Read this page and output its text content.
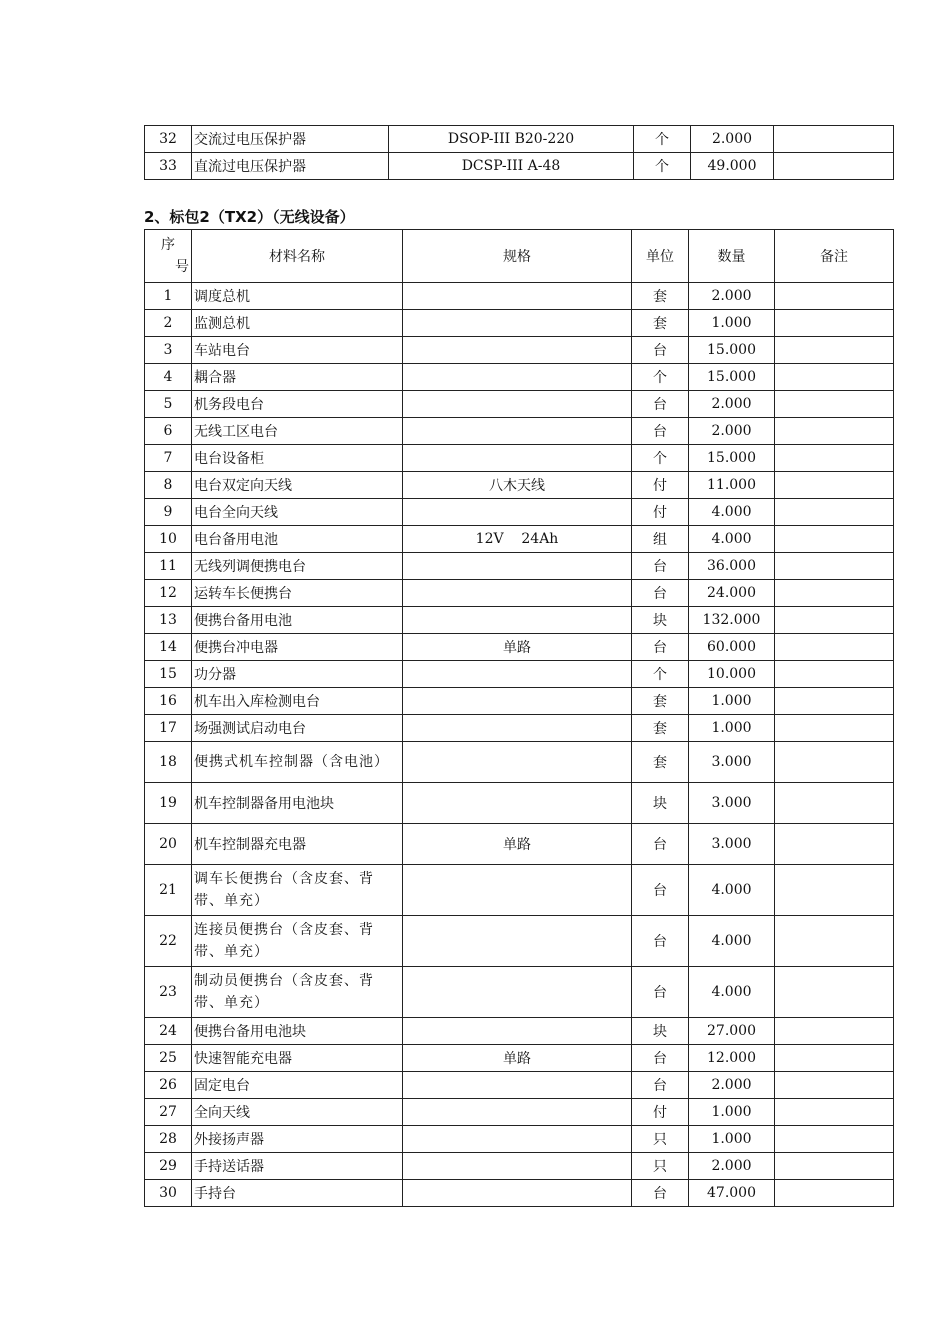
32	交流过电压保护器	DSOP-III B20-220	个	2.000	
33	直流过电压保护器	DCSP-III A-48	个	49.000	
2、标包2（TX2）（无线设备）
序
号	材料名称	规格	单位	数量	备注
1	调度总机		套	2.000	
2	监测总机		套	1.000	
3	车站电台		台	15.000	
4	耦合器		个	15.000	
5	机务段电台		台	2.000	
6	无线工区电台		台	2.000	
7	电台设备柜		个	15.000	
8	电台双定向天线	八木天线	付	11.000	
9	电台全向天线		付	4.000	
10	电台备用电池	12V    24Ah	组	4.000	
11	无线列调便携电台		台	36.000	
12	运转车长便携台		台	24.000	
13	便携台备用电池		块	132.000	
14	便携台冲电器	单路	台	60.000	
15	功分器		个	10.000	
16	机车出入库检测电台		套	1.000	
17	场强测试启动电台		套	1.000	
18	便携式机车控制器（含电池）		套	3.000	
19	机车控制器备用电池块		块	3.000	
20	机车控制器充电器	单路	台	3.000	
21	调车长便携台（含皮套、背带、单充）		台	4.000	
22	连接员便携台（含皮套、背带、单充）		台	4.000	
23	制动员便携台（含皮套、背带、单充）		台	4.000	
24	便携台备用电池块		块	27.000	
25	快速智能充电器	单路	台	12.000	
26	固定电台		台	2.000	
27	全向天线		付	1.000	
28	外接扬声器		只	1.000	
29	手持送话器		只	2.000	
30	手持台		台	47.000	
